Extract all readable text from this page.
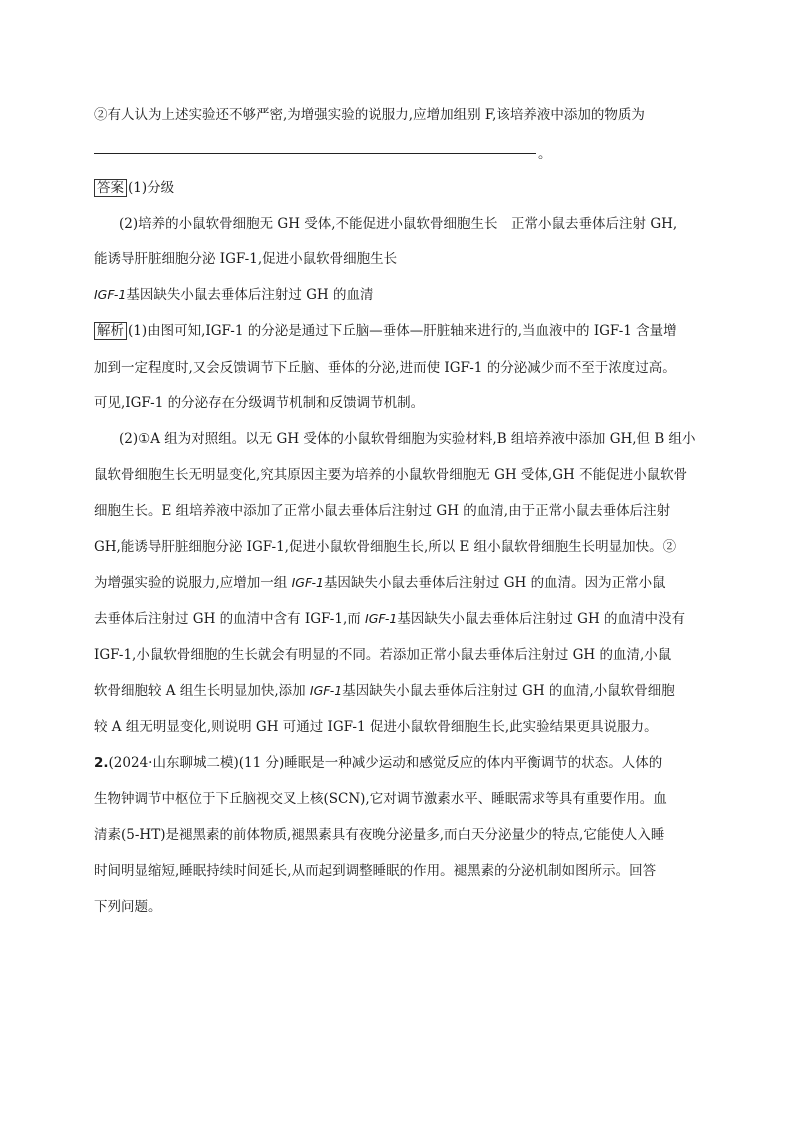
②有人认为上述实验还不够严密,为增强实验的说服力,应增加组别 F,该培养液中添加的物质为
。
答案 (1)分级
(2)培养的小鼠软骨细胞无 GH 受体,不能促进小鼠软骨细胞生长　正常小鼠去垂体后注射 GH,
能诱导肝脏细胞分泌 IGF-1,促进小鼠软骨细胞生长
IGF-1基因缺失小鼠去垂体后注射过 GH 的血清
解析 (1)由图可知,IGF-1 的分泌是通过下丘脑—垂体—肝脏轴来进行的,当血液中的 IGF-1 含量增
加到一定程度时,又会反馈调节下丘脑、垂体的分泌,进而使 IGF-1 的分泌减少而不至于浓度过高。
可见,IGF-1 的分泌存在分级调节机制和反馈调节机制。
(2)①A 组为对照组。以无 GH 受体的小鼠软骨细胞为实验材料,B 组培养液中添加 GH,但 B 组小
鼠软骨细胞生长无明显变化,究其原因主要为培养的小鼠软骨细胞无 GH 受体,GH 不能促进小鼠软骨
细胞生长。E 组培养液中添加了正常小鼠去垂体后注射过 GH 的血清,由于正常小鼠去垂体后注射
GH,能诱导肝脏细胞分泌 IGF-1,促进小鼠软骨细胞生长,所以 E 组小鼠软骨细胞生长明显加快。②
为增强实验的说服力,应增加一组 IGF-1基因缺失小鼠去垂体后注射过 GH 的血清。因为正常小鼠
去垂体后注射过 GH 的血清中含有 IGF-1,而 IGF-1基因缺失小鼠去垂体后注射过 GH 的血清中没有
IGF-1,小鼠软骨细胞的生长就会有明显的不同。若添加正常小鼠去垂体后注射过 GH 的血清,小鼠
软骨细胞较 A 组生长明显加快,添加 IGF-1基因缺失小鼠去垂体后注射过 GH 的血清,小鼠软骨细胞
较 A 组无明显变化,则说明 GH 可通过 IGF-1 促进小鼠软骨细胞生长,此实验结果更具说服力。
2.(2024·山东聊城二模)(11 分)睡眠是一种减少运动和感觉反应的体内平衡调节的状态。人体的
生物钟调节中枢位于下丘脑视交叉上核(SCN),它对调节激素水平、睡眠需求等具有重要作用。血
清素(5-HT)是褪黑素的前体物质,褪黑素具有夜晚分泌量多,而白天分泌量少的特点,它能使人入睡
时间明显缩短,睡眠持续时间延长,从而起到调整睡眠的作用。褪黑素的分泌机制如图所示。回答
下列问题。
